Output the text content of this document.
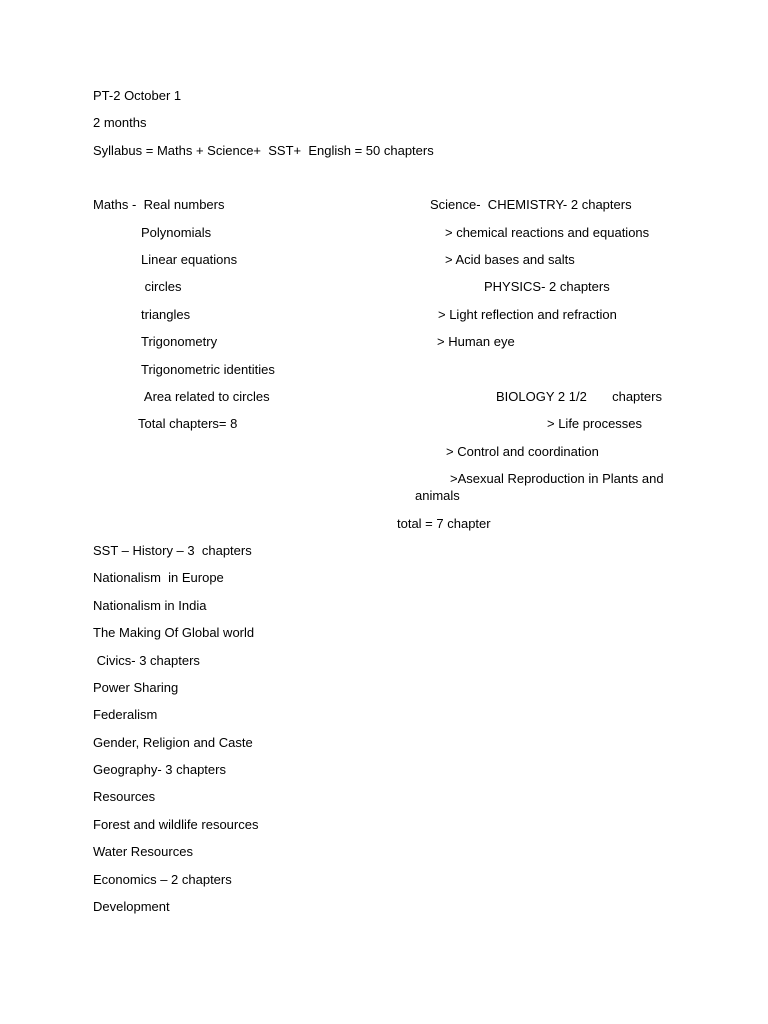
PT-2 October 1
2 months
Syllabus = Maths + Science+  SST+  English = 50 chapters
Maths -  Real numbers
Polynomials
Linear equations
circles
triangles
Trigonometry
Trigonometric identities
Area related to circles
Total chapters= 8
Science-  CHEMISTRY- 2 chapters
> chemical reactions and equations
> Acid bases and salts
PHYSICS- 2 chapters
> Light reflection and refraction
> Human eye
BIOLOGY 2 1/2       chapters
> Life processes
> Control and coordination
>Asexual Reproduction in Plants and
animals
total = 7 chapter
SST – History – 3  chapters
Nationalism  in Europe
Nationalism in India
The Making Of Global world
Civics- 3 chapters
Power Sharing
Federalism
Gender, Religion and Caste
Geography- 3 chapters
Resources
Forest and wildlife resources
Water Resources
Economics – 2 chapters
Development
